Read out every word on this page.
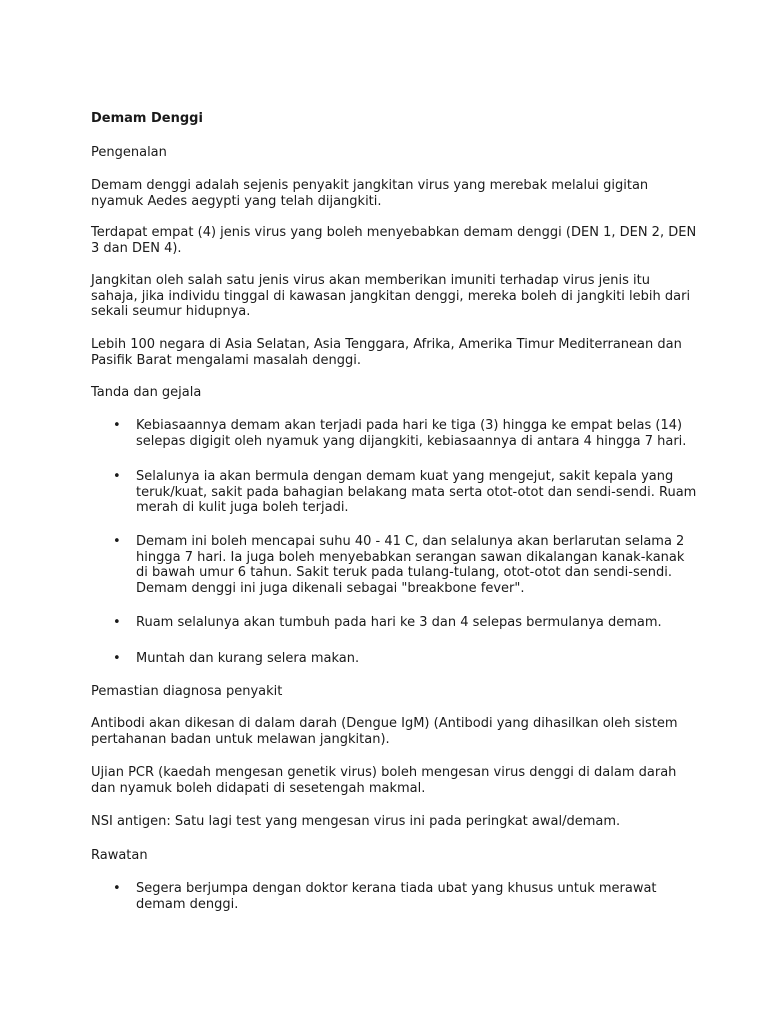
Demam Denggi

Pengenalan

Demam denggi adalah sejenis penyakit jangkitan virus yang merebak melalui gigitan
nyamuk Aedes aegypti yang telah dijangkiti.
Terdapat empat (4) jenis virus yang boleh menyebabkan demam denggi (DEN 1, DEN 2, DEN
3 dan DEN 4).
Jangkitan oleh salah satu jenis virus akan memberikan imuniti terhadap virus jenis itu
sahaja, jika individu tinggal di kawasan jangkitan denggi, mereka boleh di jangkiti lebih dari
sekali seumur hidupnya.
Lebih 100 negara di Asia Selatan, Asia Tenggara, Afrika, Amerika Timur Mediterranean dan
Pasifik Barat mengalami masalah denggi.

Tanda dan gejala

•	Kebiasaannya demam akan terjadi pada hari ke tiga (3) hingga ke empat belas (14)
selepas digigit oleh nyamuk yang dijangkiti, kebiasaannya di antara 4 hingga 7 hari.
•	Selalunya ia akan bermula dengan demam kuat yang mengejut, sakit kepala yang
teruk/kuat, sakit pada bahagian belakang mata serta otot-otot dan sendi-sendi. Ruam
merah di kulit juga boleh terjadi.
•	Demam ini boleh mencapai suhu 40 - 41 C, dan selalunya akan berlarutan selama 2
hingga 7 hari. Ia juga boleh menyebabkan serangan sawan dikalangan kanak-kanak
di bawah umur 6 tahun. Sakit teruk pada tulang-tulang, otot-otot dan sendi-sendi.
Demam denggi ini juga dikenali sebagai "breakbone fever".
•	Ruam selalunya akan tumbuh pada hari ke 3 dan 4 selepas bermulanya demam.
•	Muntah dan kurang selera makan.

Pemastian diagnosa penyakit

Antibodi akan dikesan di dalam darah (Dengue IgM) (Antibodi yang dihasilkan oleh sistem
pertahanan badan untuk melawan jangkitan).
Ujian PCR (kaedah mengesan genetik virus) boleh mengesan virus denggi di dalam darah
dan nyamuk boleh didapati di sesetengah makmal.

NSI antigen: Satu lagi test yang mengesan virus ini pada peringkat awal/demam.

Rawatan

•	Segera berjumpa dengan doktor kerana tiada ubat yang khusus untuk merawat
demam denggi.
